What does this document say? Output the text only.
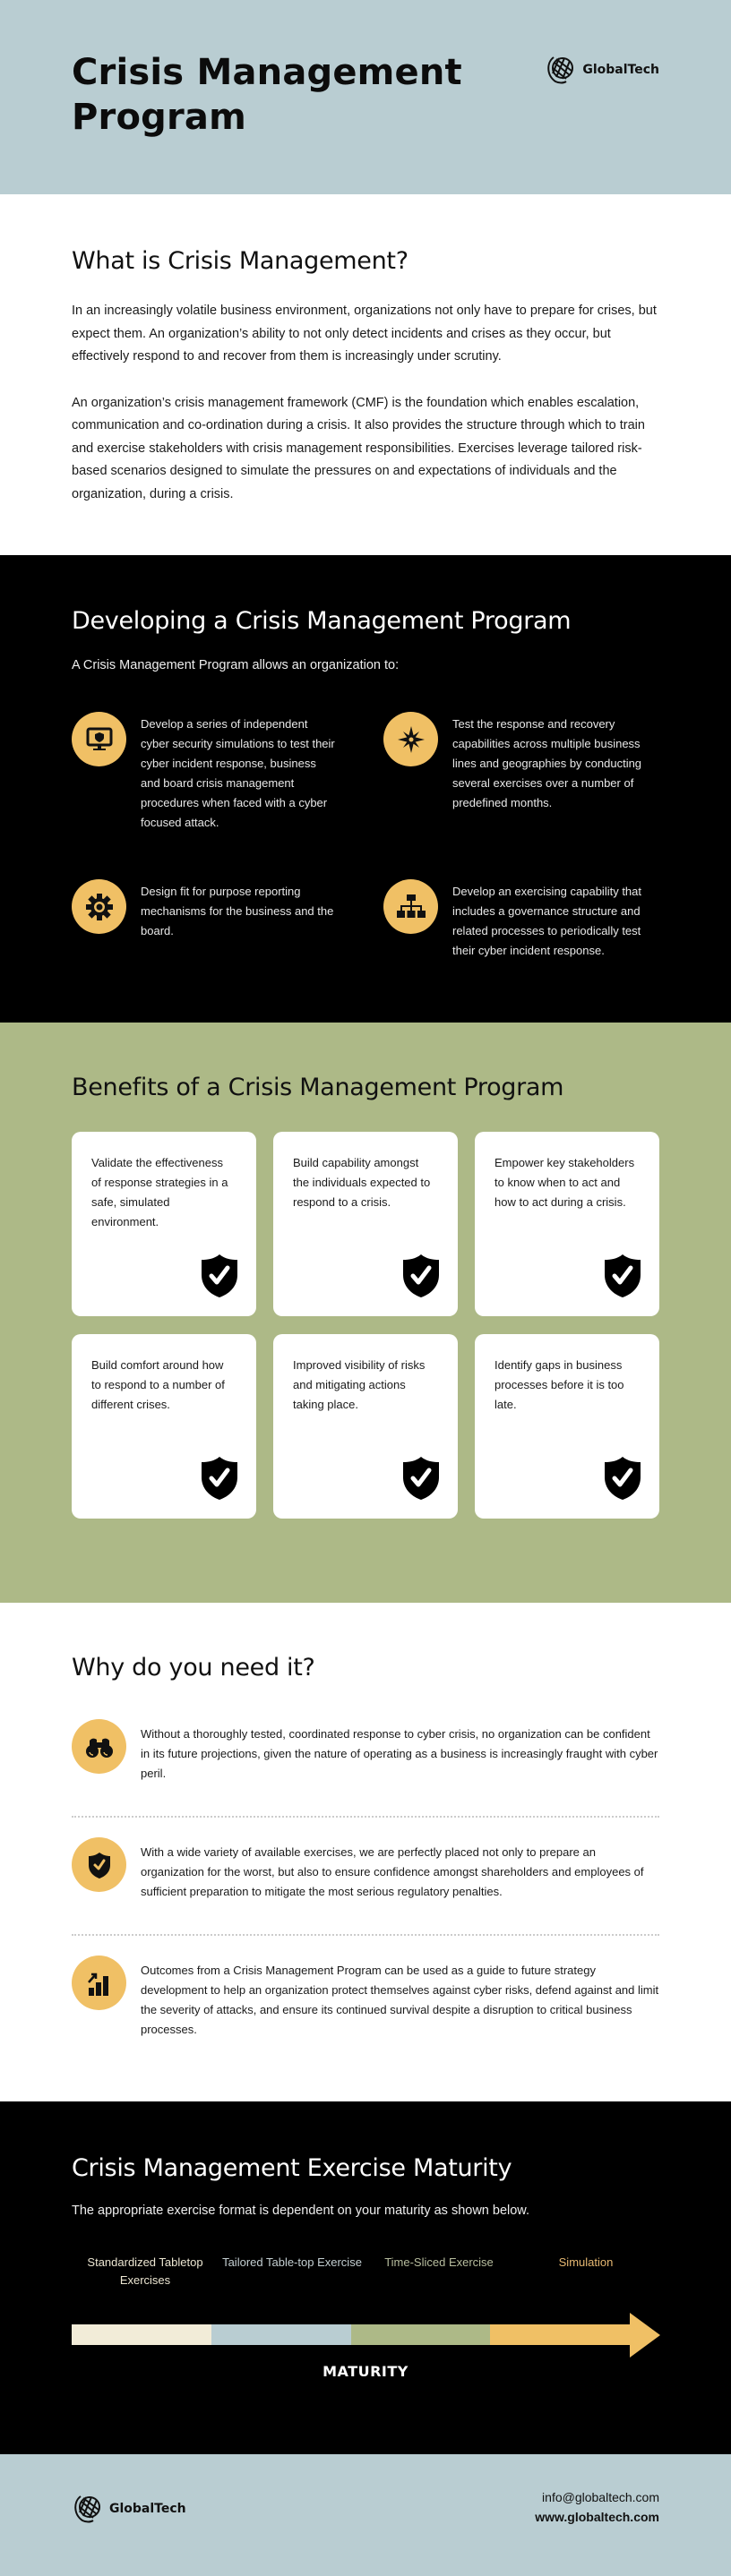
Crisis Management Program
GlobalTech
What is Crisis Management?

In an increasingly volatile business environment, organizations not only have to prepare for crises, but expect them. An organization’s ability to not only detect incidents and crises as they occur, but effectively respond to and recover from them is increasingly under scrutiny.

An organization’s crisis management framework (CMF) is the foundation which enables escalation, communication and co-ordination during a crisis. It also provides the structure through which to train and exercise stakeholders with crisis management responsibilities. Exercises leverage tailored risk-based scenarios designed to simulate the pressures on and expectations of individuals and the organization, during a crisis.

Developing a Crisis Management Program

A Crisis Management Program allows an organization to:

Develop a series of independent cyber security simulations to test their cyber incident response, business and board crisis management procedures when faced with a cyber focused attack.

Test the response and recovery capabilities across multiple business lines and geographies by conducting several exercises over a number of predefined months.

Design fit for purpose reporting mechanisms for the business and the board.

Develop an exercising capability that includes a governance structure and related processes to periodically test their cyber incident response.

Benefits of a Crisis Management Program

Validate the effectiveness of response strategies in a safe, simulated environment.

Build capability amongst the individuals expected to respond to a crisis.

Empower key stakeholders to know when to act and how to act during a crisis.

Build comfort around how to respond to a number of different crises.

Improved visibility of risks and mitigating actions taking place.

Identify gaps in business processes before it is too late.

Why do you need it?

Without a thoroughly tested, coordinated response to cyber crisis, no organization can be confident in its future projections, given the nature of operating as a business is increasingly fraught with cyber peril.

With a wide variety of available exercises, we are perfectly placed not only to prepare an organization for the worst, but also to ensure confidence amongst shareholders and employees of sufficient preparation to mitigate the most serious regulatory penalties.

Outcomes from a Crisis Management Program can be used as a guide to future strategy development to help an organization protect themselves against cyber risks, defend against and limit the severity of attacks, and ensure its continued survival despite a disruption to critical business processes.

Crisis Management Exercise Maturity

The appropriate exercise format is dependent on your maturity as shown below.

Standardized Tabletop Exercises
Tailored Table-top Exercise	Time-Sliced Exercise	Simulation
MATURITY
GlobalTech
info@globaltech.com
www.globaltech.com
